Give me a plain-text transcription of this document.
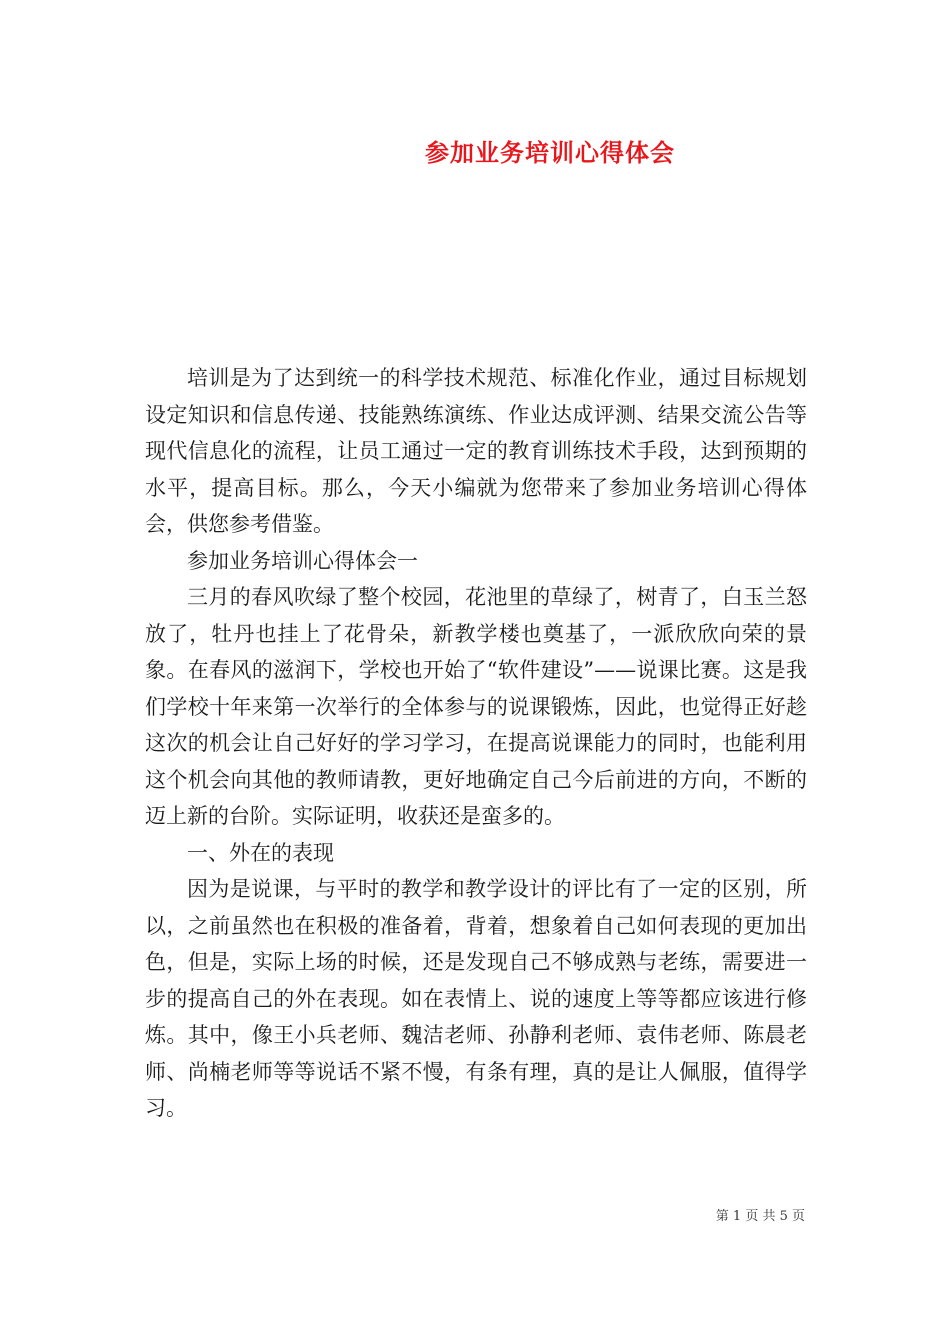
参加业务培训心得体会

培训是为了达到统一的科学技术规范、标准化作业，通过目标规划设定知识和信息传递、技能熟练演练、作业达成评测、结果交流公告等现代信息化的流程，让员工通过一定的教育训练技术手段，达到预期的水平，提高目标。那么，今天小编就为您带来了参加业务培训心得体会，供您参考借鉴。

参加业务培训心得体会一

三月的春风吹绿了整个校园，花池里的草绿了，树青了，白玉兰怒放了，牡丹也挂上了花骨朵，新教学楼也奠基了，一派欣欣向荣的景象。在春风的滋润下，学校也开始了“软件建设”——说课比赛。这是我们学校十年来第一次举行的全体参与的说课锻炼，因此，也觉得正好趁这次的机会让自己好好的学习学习，在提高说课能力的同时，也能利用这个机会向其他的教师请教，更好地确定自己今后前进的方向，不断的迈上新的台阶。实际证明，收获还是蛮多的。

一、外在的表现

因为是说课，与平时的教学和教学设计的评比有了一定的区别，所以，之前虽然也在积极的准备着，背着，想象着自己如何表现的更加出色，但是，实际上场的时候，还是发现自己不够成熟与老练，需要进一步的提高自己的外在表现。如在表情上、说的速度上等等都应该进行修炼。其中，像王小兵老师、魏洁老师、孙静利老师、袁伟老师、陈晨老师、尚楠老师等等说话不紧不慢，有条有理，真的是让人佩服，值得学习。

第 1 页 共 5 页
